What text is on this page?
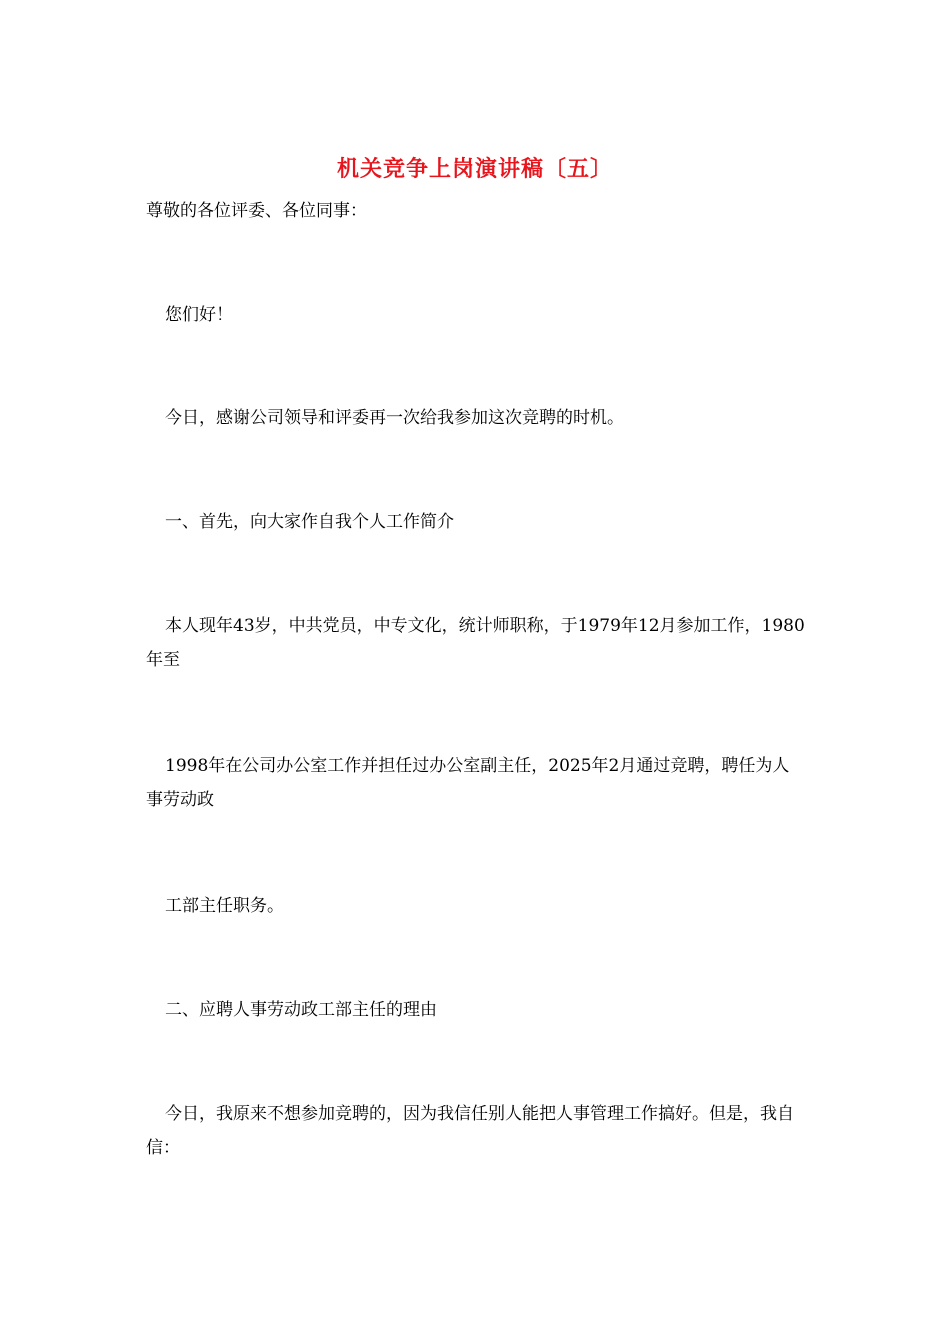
机关竞争上岗演讲稿〔五〕
尊敬的各位评委、各位同事：
您们好！
今日，感谢公司领导和评委再一次给我参加这次竞聘的时机。
一、首先，向大家作自我个人工作简介
本人现年43岁，中共党员，中专文化，统计师职称，于1979年12月参加工作，1980年至
1998年在公司办公室工作并担任过办公室副主任，2025年2月通过竞聘，聘任为人事劳动政
工部主任职务。
二、应聘人事劳动政工部主任的理由
今日，我原来不想参加竞聘的，因为我信任别人能把人事管理工作搞好。但是，我自信：
